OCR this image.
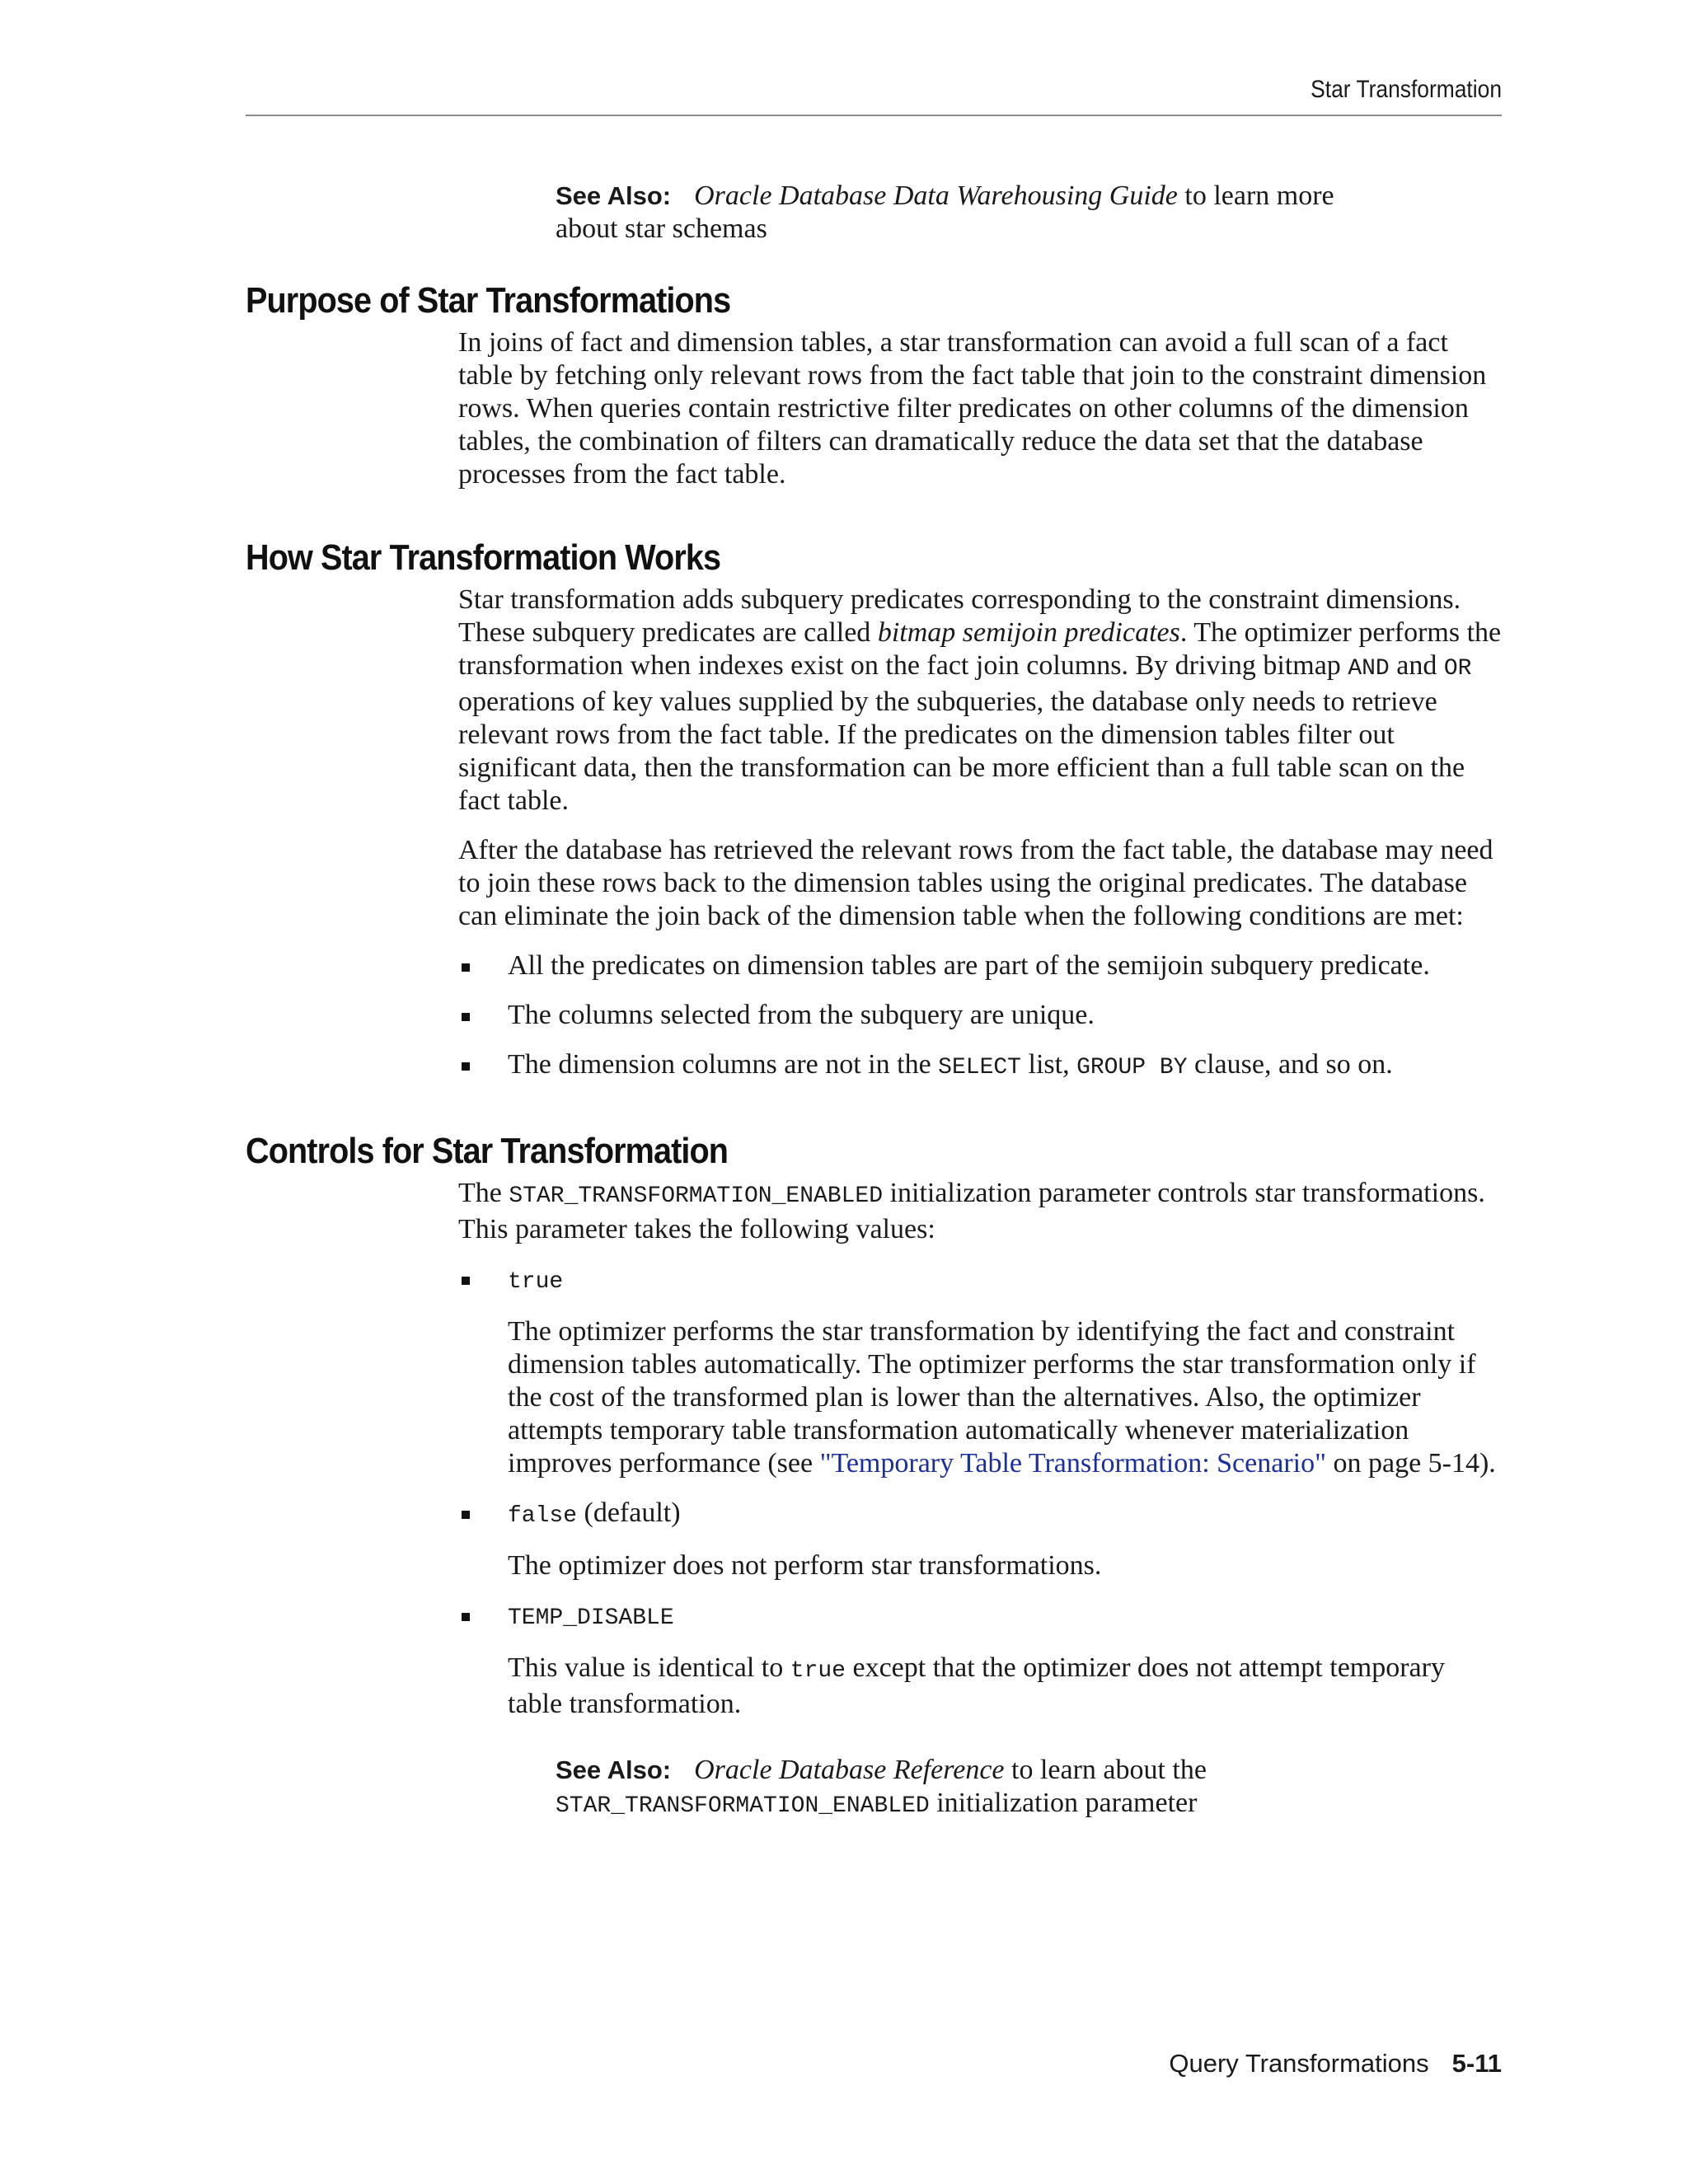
Star Transformation
See Also: Oracle Database Data Warehousing Guide to learn more about star schemas
Purpose of Star Transformations

In joins of fact and dimension tables, a star transformation can avoid a full scan of a fact table by fetching only relevant rows from the fact table that join to the constraint dimension rows. When queries contain restrictive filter predicates on other columns of the dimension tables, the combination of filters can dramatically reduce the data set that the database processes from the fact table.

How Star Transformation Works

Star transformation adds subquery predicates corresponding to the constraint dimensions. These subquery predicates are called bitmap semijoin predicates. The optimizer performs the transformation when indexes exist on the fact join columns. By driving bitmap AND and OR operations of key values supplied by the subqueries, the database only needs to retrieve relevant rows from the fact table. If the predicates on the dimension tables filter out significant data, then the transformation can be more efficient than a full table scan on the fact table.

After the database has retrieved the relevant rows from the fact table, the database may need to join these rows back to the dimension tables using the original predicates. The database can eliminate the join back of the dimension table when the following conditions are met:

All the predicates on dimension tables are part of the semijoin subquery predicate.
The columns selected from the subquery are unique.
The dimension columns are not in the SELECT list, GROUP BY clause, and so on.
Controls for Star Transformation

The STAR_TRANSFORMATION_ENABLED initialization parameter controls star transformations. This parameter takes the following values:

true

The optimizer performs the star transformation by identifying the fact and constraint dimension tables automatically. The optimizer performs the star transformation only if the cost of the transformed plan is lower than the alternatives. Also, the optimizer attempts temporary table transformation automatically whenever materialization improves performance (see "Temporary Table Transformation: Scenario" on page 5-14).

false (default)

The optimizer does not perform star transformations.

TEMP_DISABLE

This value is identical to true except that the optimizer does not attempt temporary table transformation.

See Also: Oracle Database Reference to learn about the STAR_TRANSFORMATION_ENABLED initialization parameter
Query Transformations 5-11
